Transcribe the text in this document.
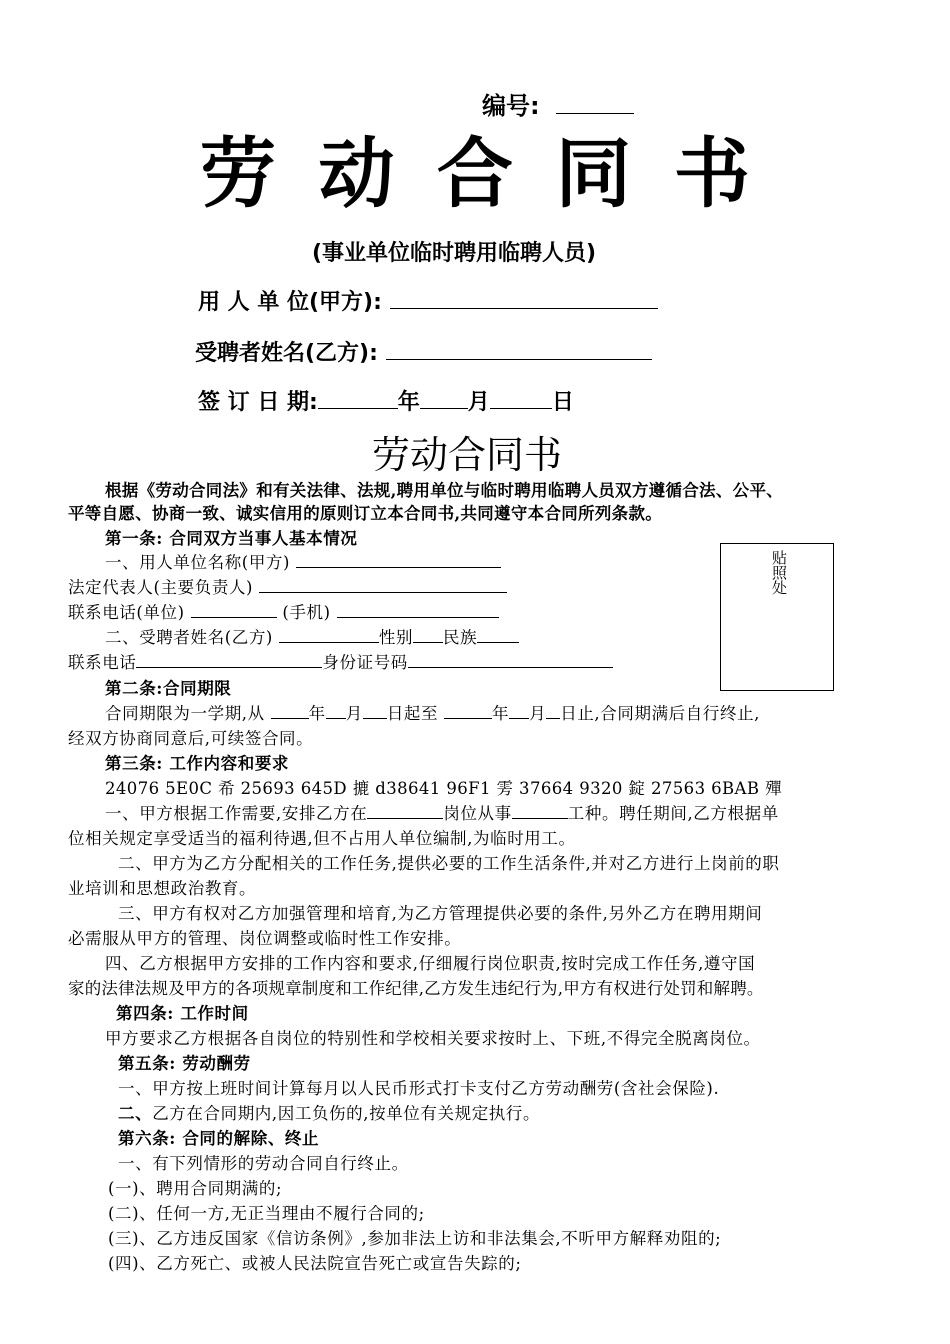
编号:
劳 动 合 同 书
(事业单位临时聘用临聘人员)
用 人 单 位(甲方):
受聘者姓名(乙方):
签 订 日 期:	年 月	日
劳动合同书
根据《劳动合同法》和有关法律、法规,聘用单位与临时聘用临聘人员双方遵循合法、公平、
平等自愿、协商一致、诚实信用的原则订立本合同书,共同遵守本合同所列条款。
第一条: 合同双方当事人基本情况
一、用人单位名称(甲方)
法定代表人(主要负责人)
联系电话(单位)	(手机)
二、受聘者姓名(乙方)	性别 民族
联系电话	身份证号码
贴照处
第二条:合同期限
合同期限为一学期,从	年 月 日起至	年 月 日止,合同期满后自行终止,
经双方协商同意后,可续签合同。
第三条: 工作内容和要求
24076 5E0C 希 25693 645D 摝 d38641 96F1 雱 37664 9320 錠 27563 6BAB 殫
一、甲方根据工作需要,安排乙方在	岗位从事	工种。聘任期间,乙方根据单
位相关规定享受适当的福利待遇,但不占用人单位编制,为临时用工。
二、甲方为乙方分配相关的工作任务,提供必要的工作生活条件,并对乙方进行上岗前的职
业培训和思想政治教育。
三、甲方有权对乙方加强管理和培育,为乙方管理提供必要的条件,另外乙方在聘用期间
必需服从甲方的管理、岗位调整或临时性工作安排。
四、乙方根据甲方安排的工作内容和要求,仔细履行岗位职责,按时完成工作任务,遵守国
家的法律法规及甲方的各项规章制度和工作纪律,乙方发生违纪行为,甲方有权进行处罚和解聘。
第四条: 工作时间
甲方要求乙方根据各自岗位的特别性和学校相关要求按时上、下班,不得完全脱离岗位。
第五条: 劳动酬劳
一、甲方按上班时间计算每月以人民币形式打卡支付乙方劳动酬劳(含社会保险).
二、乙方在合同期内,因工负伤的,按单位有关规定执行。
第六条: 合同的解除、终止
一、有下列情形的劳动合同自行终止。
(一)、聘用合同期满的;
(二)、任何一方,无正当理由不履行合同的;
(三)、乙方违反国家《信访条例》,参加非法上访和非法集会,不听甲方解释劝阻的;
(四)、乙方死亡、或被人民法院宣告死亡或宣告失踪的;
